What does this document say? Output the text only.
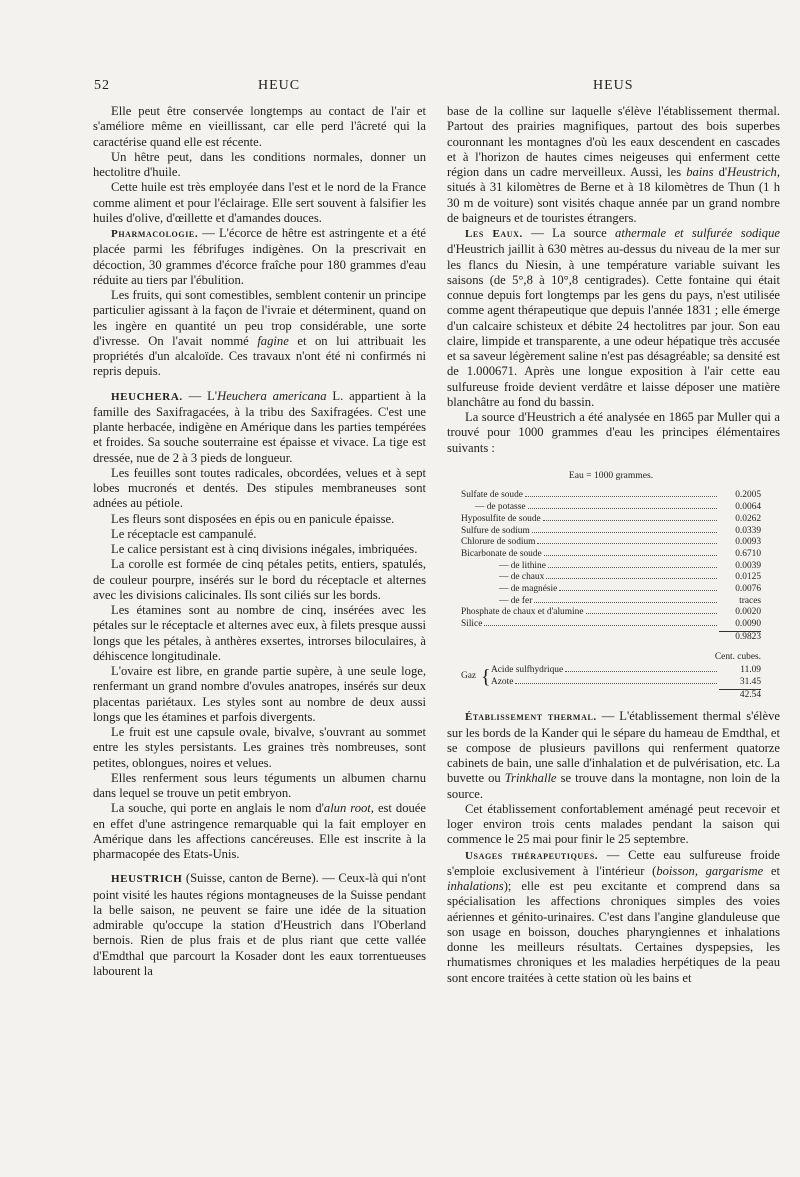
52	HEUC	HEUS

Elle peut être conservée longtemps au contact de l'air et s'améliore même en vieillissant, car elle perd l'âcreté qui la caractérise quand elle est récente.

Un hêtre peut, dans les conditions normales, donner un hectolitre d'huile.

Cette huile est très employée dans l'est et le nord de la France comme aliment et pour l'éclairage. Elle sert souvent à falsifier les huiles d'olive, d'œillette et d'amandes douces.

Pharmacologie. — L'écorce de hêtre est astringente et a été placée parmi les fébrifuges indigènes. On la prescrivait en décoction, 30 grammes d'écorce fraîche pour 180 grammes d'eau réduite au tiers par l'ébulition.

Les fruits, qui sont comestibles, semblent contenir un principe particulier agissant à la façon de l'ivraie et déterminent, quand on les ingère en quantité un peu trop considérable, une sorte d'ivresse. On l'avait nommé fagine et on lui attribuait les propriétés d'un alcaloïde. Ces travaux n'ont été ni confirmés ni repris depuis.

HEUCHERA. — L'Heuchera americana L. appartient à la famille des Saxifragacées, à la tribu des Saxifragées. C'est une plante herbacée, indigène en Amérique dans les parties tempérées et froides. Sa souche souterraine est épaisse et vivace. La tige est dressée, nue de 2 à 3 pieds de longueur.

Les feuilles sont toutes radicales, obcordées, velues et à sept lobes mucronés et dentés. Des stipules membraneuses sont adnées au pétiole.

Les fleurs sont disposées en épis ou en panicule épaisse.

Le réceptacle est campanulé.

Le calice persistant est à cinq divisions inégales, imbriquées.

La corolle est formée de cinq pétales petits, entiers, spatulés, de couleur pourpre, insérés sur le bord du réceptacle et alternes avec les divisions calicinales. Ils sont ciliés sur les bords.

Les étamines sont au nombre de cinq, insérées avec les pétales sur le réceptacle et alternes avec eux, à filets presque aussi longs que les pétales, à anthères exsertes, introrses biloculaires, à déhiscence longitudinale.

L'ovaire est libre, en grande partie supère, à une seule loge, renfermant un grand nombre d'ovules anatropes, insérés sur deux placentas pariétaux. Les styles sont au nombre de deux aussi longs que les étamines et parfois divergents.

Le fruit est une capsule ovale, bivalve, s'ouvrant au sommet entre les styles persistants. Les graines très nombreuses, sont petites, oblongues, noires et velues.

Elles renferment sous leurs téguments un albumen charnu dans lequel se trouve un petit embryon.

La souche, qui porte en anglais le nom d'alun root, est douée en effet d'une astringence remarquable qui la fait employer en Amérique dans les affections cancéreuses. Elle est inscrite à la pharmacopée des Etats-Unis.

HEUSTRICH (Suisse, canton de Berne). — Ceux-là qui n'ont point visité les hautes régions montagneuses de la Suisse pendant la belle saison, ne peuvent se faire une idée de la situation admirable qu'occupe la station d'Heustrich dans l'Oberland bernois. Rien de plus frais et de plus riant que cette vallée d'Emdthal que parcourt la Kosader dont les eaux torrentueuses labourent la

base de la colline sur laquelle s'élève l'établissement thermal. Partout des prairies magnifiques, partout des bois superbes couronnant les montagnes d'où les eaux descendent en cascades et à l'horizon de hautes cimes neigeuses qui enferment cette région dans un cadre merveilleux. Aussi, les bains d'Heustrich, situés à 31 kilomètres de Berne et à 18 kilomètres de Thun (1 h 30 m de voiture) sont visités chaque année par un grand nombre de baigneurs et de touristes étrangers.

Les Eaux. — La source athermale et sulfurée sodique d'Heustrich jaillit à 630 mètres au-dessus du niveau de la mer sur les flancs du Niesin, à une température variable suivant les saisons (de 5°,8 à 10°,8 centigrades). Cette fontaine qui était connue depuis fort longtemps par les gens du pays, n'est utilisée comme agent thérapeutique que depuis l'année 1831 ; elle émerge d'un calcaire schisteux et débite 24 hectolitres par jour. Son eau claire, limpide et transparente, a une odeur hépatique très accusée et sa saveur légèrement saline n'est pas désagréable; sa densité est de 1.000671. Après une longue exposition à l'air cette eau sulfureuse froide devient verdâtre et laisse déposer une matière blanchâtre au fond du bassin.

La source d'Heustrich a été analysée en 1865 par Muller qui a trouvé pour 1000 grammes d'eau les principes élémentaires suivants :

Eau = 1000 grammes.
Sulfate de soude	0.2005
— de potasse	0.0064
Hyposulfite de soude	0.0262
Sulfure de sodium	0.0339
Chlorure de sodium	0.0093
Bicarbonate de soude	0.6710
— de lithine	0.0039
— de chaux	0.0125
— de magnésie	0.0076
— de fer	traces
Phosphate de chaux et d'alumine	0.0020
Silice	0.0090
0.9823
Cent. cubes.
Gaz { Acide sulfhydrique	11.09
Azote	31.45
42.54

Établissement thermal. — L'établissement thermal s'élève sur les bords de la Kander qui le sépare du hameau de Emdthal, et se compose de plusieurs pavillons qui renferment quatorze cabinets de bain, une salle d'inhalation et de pulvérisation, etc. La buvette ou Trinkhalle se trouve dans la montagne, non loin de la source.

Cet établissement confortablement aménagé peut recevoir et loger environ trois cents malades pendant la saison qui commence le 25 mai pour finir le 25 septembre.

Usages thérapeutiques. — Cette eau sulfureuse froide s'emploie exclusivement à l'intérieur (boisson, gargarisme et inhalations); elle est peu excitante et comprend dans sa spécialisation les affections chroniques simples des voies aériennes et génito-urinaires. C'est dans l'angine glanduleuse que son usage en boisson, douches pharyngiennes et inhalations donne les meilleurs résultats. Certaines dyspepsies, les rhumatismes chroniques et les maladies herpétiques de la peau sont encore traitées à cette station où les bains et
